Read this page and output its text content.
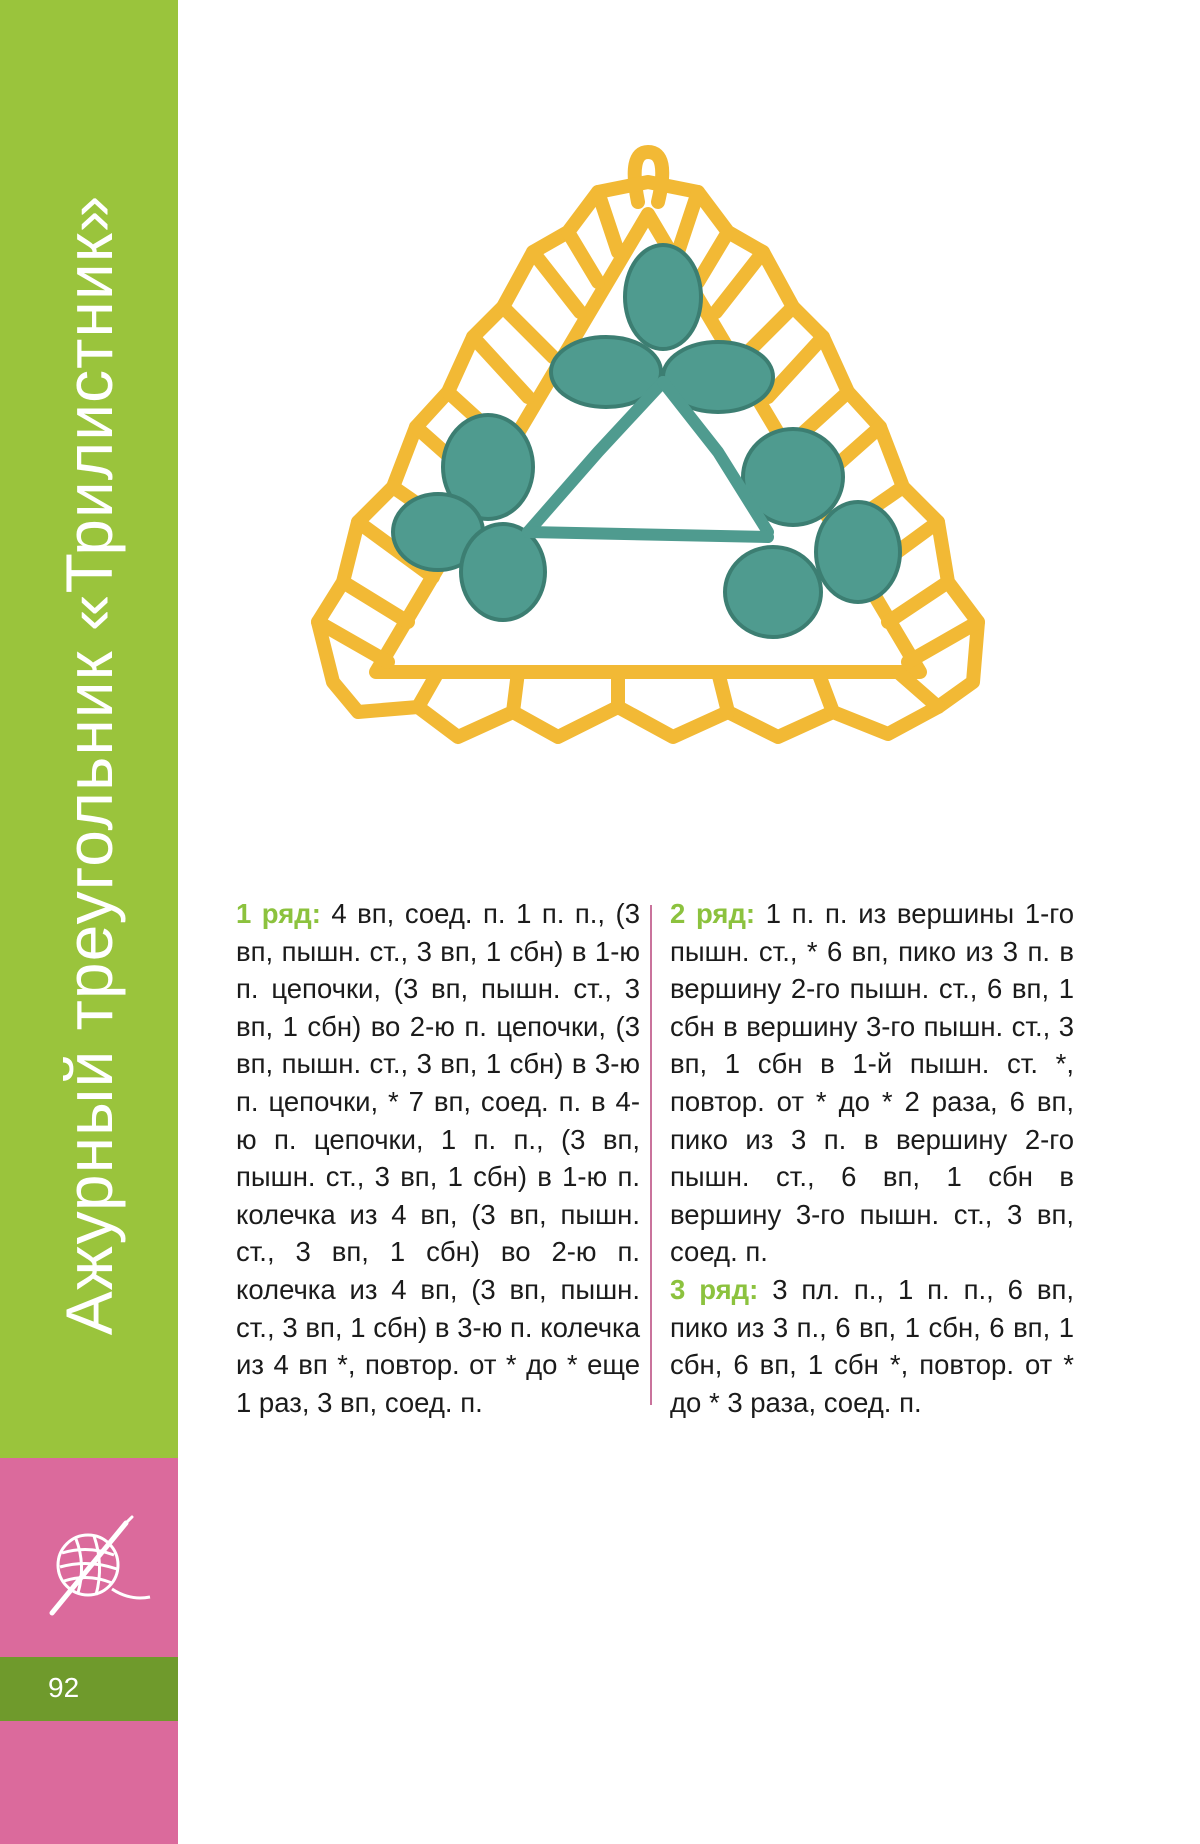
92
Ажурный треугольник «Трилистник»	1 ряд: 4 вп, соед. п. 1 п. п., (3 вп, пышн. ст., 3 вп, 1 сбн) в 1-ю п. цепочки, (3 вп, пышн. ст., 3 вп, 1 сбн) во 2-ю п. цепочки, (3 вп, пышн. ст., 3 вп, 1 сбн) в 3-ю п. цепочки, * 7 вп, соед. п. в 4-ю п. цепочки, 1 п. п., (3 вп, пышн. ст., 3 вп, 1 сбн) в 1-ю п. колечка из 4 вп, (3 вп, пышн. ст., 3 вп, 1 сбн) во 2-ю п. колечка из 4 вп, (3 вп, пышн. ст., 3 вп, 1 сбн) в 3-ю п. колечка из 4 вп *, повтор. от * до * еще 1 раз, 3 вп, соед. п.

2 ряд: 1 п. п. из вершины 1-го пышн. ст., * 6 вп, пико из 3 п. в вершину 2-го пышн. ст., 6 вп, 1 сбн в вершину 3-го пышн. ст., 3 вп, 1 сбн в 1-й пышн. ст. *, повтор. от * до * 2 раза, 6 вп, пико из 3 п. в вершину 2-го пышн. ст., 6 вп, 1 сбн в вершину 3-го пышн. ст., 3 вп, соед. п.

3 ряд: 3 пл. п., 1 п. п., 6 вп, пико из 3 п., 6 вп, 1 сбн, 6 вп, 1 сбн, 6 вп, 1 сбн *, повтор. от * до * 3 раза, соед. п.
